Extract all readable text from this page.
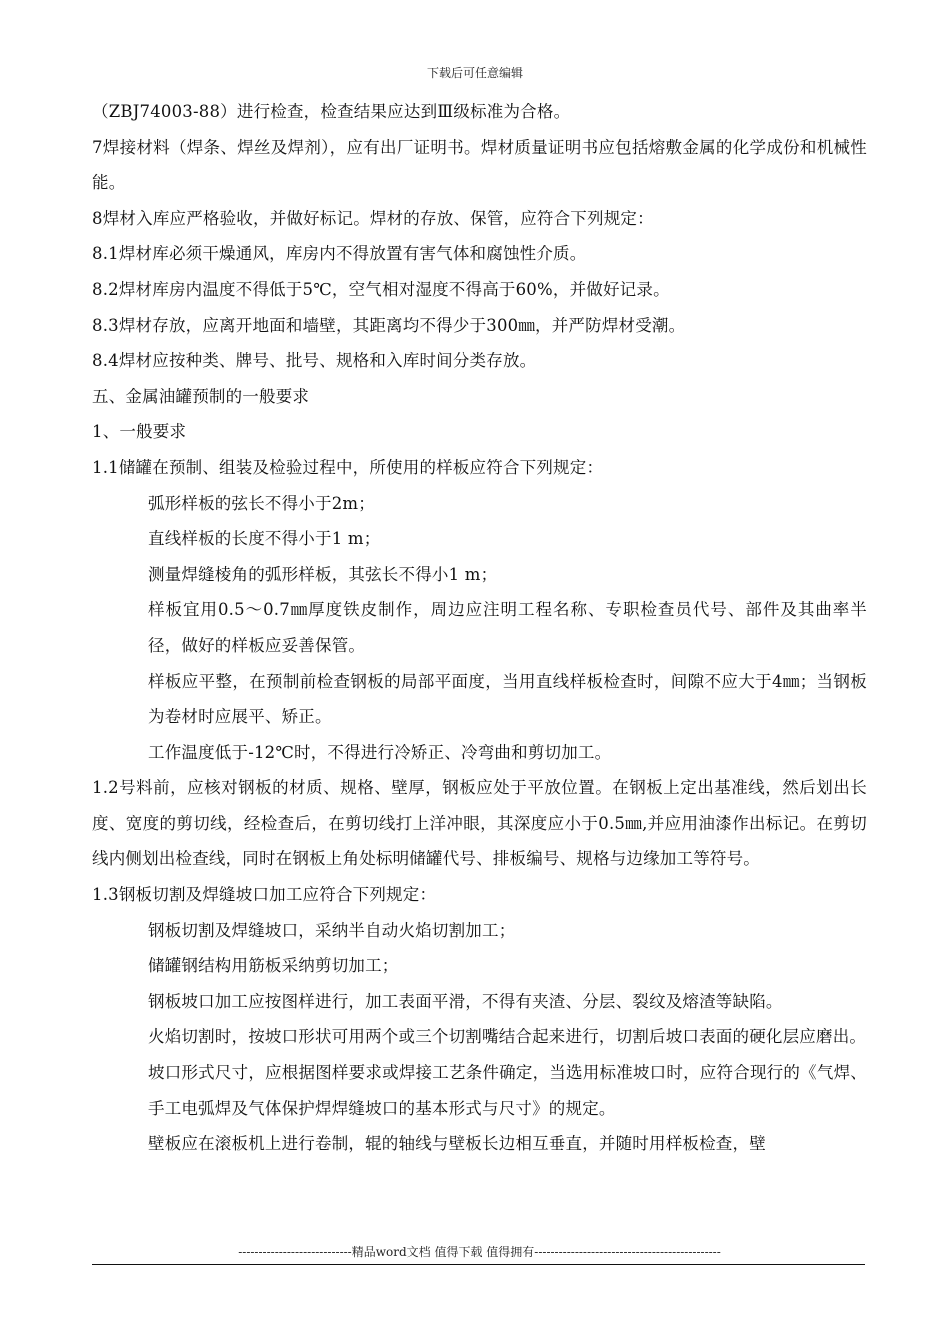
下载后可任意编辑

（ZBJ74003-88）进行检查，检查结果应达到Ⅲ级标准为合格。

7焊接材料（焊条、焊丝及焊剂），应有出厂证明书。焊材质量证明书应包括熔敷金属的化学成份和机械性能。

8焊材入库应严格验收，并做好标记。焊材的存放、保管，应符合下列规定：

8.1焊材库必须干燥通风，库房内不得放置有害气体和腐蚀性介质。

8.2焊材库房内温度不得低于5℃，空气相对湿度不得高于60%，并做好记录。

8.3焊材存放，应离开地面和墙壁，其距离均不得少于300㎜，并严防焊材受潮。

8.4焊材应按种类、牌号、批号、规格和入库时间分类存放。

五、金属油罐预制的一般要求

1、一般要求

1.1储罐在预制、组装及检验过程中，所使用的样板应符合下列规定：

弧形样板的弦长不得小于2m；

直线样板的长度不得小于1 m；

测量焊缝棱角的弧形样板，其弦长不得小1 m；

样板宜用0.5～0.7㎜厚度铁皮制作，周边应注明工程名称、专职检查员代号、部件及其曲率半径，做好的样板应妥善保管。

样板应平整，在预制前检查钢板的局部平面度，当用直线样板检查时，间隙不应大于4㎜；当钢板为卷材时应展平、矫正。

工作温度低于-12℃时，不得进行冷矫正、冷弯曲和剪切加工。

1.2号料前，应核对钢板的材质、规格、壁厚，钢板应处于平放位置。在钢板上定出基准线，然后划出长度、宽度的剪切线，经检查后，在剪切线打上洋冲眼，其深度应小于0.5㎜,并应用油漆作出标记。在剪切线内侧划出检查线，同时在钢板上角处标明储罐代号、排板编号、规格与边缘加工等符号。

1.3钢板切割及焊缝坡口加工应符合下列规定：

钢板切割及焊缝坡口，采纳半自动火焰切割加工；

储罐钢结构用筋板采纳剪切加工；

钢板坡口加工应按图样进行，加工表面平滑，不得有夹渣、分层、裂纹及熔渣等缺陷。

火焰切割时，按坡口形状可用两个或三个切割嘴结合起来进行，切割后坡口表面的硬化层应磨出。

坡口形式尺寸，应根据图样要求或焊接工艺条件确定，当选用标准坡口时，应符合现行的《气焊、手工电弧焊及气体保护焊焊缝坡口的基本形式与尺寸》的规定。

壁板应在滚板机上进行卷制，辊的轴线与壁板长边相互垂直，并随时用样板检查，壁

----------------------------精品word文档 值得下载 值得拥有----------------------------------------------
